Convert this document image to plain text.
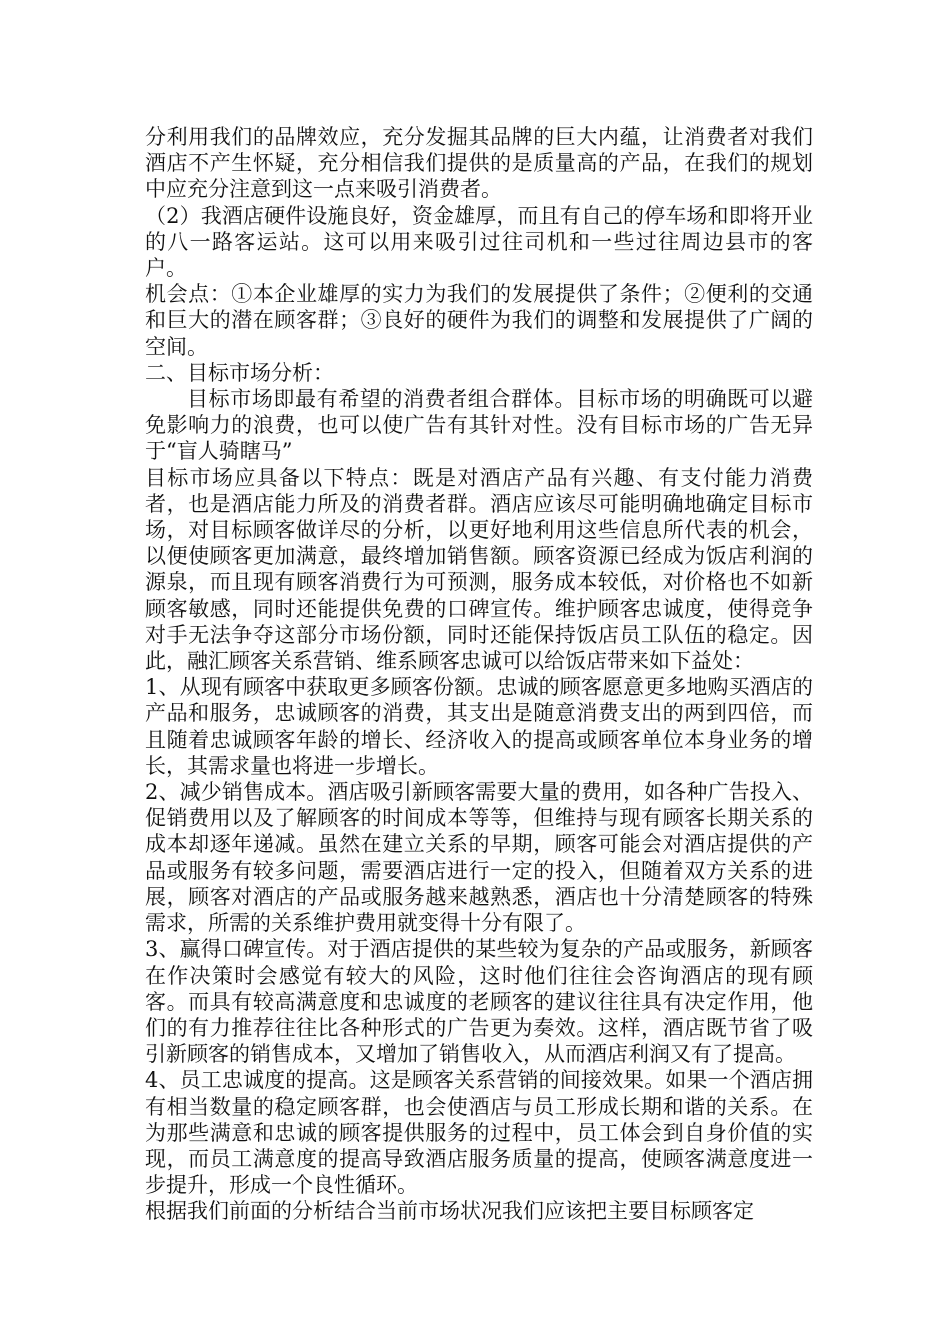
分利用我们的品牌效应，充分发掘其品牌的巨大内蕴，让消费者对我们酒店不产生怀疑，充分相信我们提供的是质量高的产品，在我们的规划中应充分注意到这一点来吸引消费者。

（2）我酒店硬件设施良好，资金雄厚，而且有自己的停车场和即将开业的八一路客运站。这可以用来吸引过往司机和一些过往周边县市的客户。

机会点：①本企业雄厚的实力为我们的发展提供了条件；②便利的交通和巨大的潜在顾客群；③良好的硬件为我们的调整和发展提供了广阔的空间。

二、目标市场分析：

目标市场即最有希望的消费者组合群体。目标市场的明确既可以避免影响力的浪费，也可以使广告有其针对性。没有目标市场的广告无异于“盲人骑瞎马”

目标市场应具备以下特点：既是对酒店产品有兴趣、有支付能力消费者，也是酒店能力所及的消费者群。酒店应该尽可能明确地确定目标市场，对目标顾客做详尽的分析，以更好地利用这些信息所代表的机会，以便使顾客更加满意，最终增加销售额。顾客资源已经成为饭店利润的源泉，而且现有顾客消费行为可预测，服务成本较低，对价格也不如新顾客敏感，同时还能提供免费的口碑宣传。维护顾客忠诚度，使得竞争对手无法争夺这部分市场份额，同时还能保持饭店员工队伍的稳定。因此，融汇顾客关系营销、维系顾客忠诚可以给饭店带来如下益处：

1、从现有顾客中获取更多顾客份额。忠诚的顾客愿意更多地购买酒店的产品和服务，忠诚顾客的消费，其支出是随意消费支出的两到四倍，而且随着忠诚顾客年龄的增长、经济收入的提高或顾客单位本身业务的增长，其需求量也将进一步增长。

2、减少销售成本。酒店吸引新顾客需要大量的费用，如各种广告投入、促销费用以及了解顾客的时间成本等等，但维持与现有顾客长期关系的成本却逐年递减。虽然在建立关系的早期，顾客可能会对酒店提供的产品或服务有较多问题，需要酒店进行一定的投入，但随着双方关系的进展，顾客对酒店的产品或服务越来越熟悉，酒店也十分清楚顾客的特殊需求，所需的关系维护费用就变得十分有限了。

3、赢得口碑宣传。对于酒店提供的某些较为复杂的产品或服务，新顾客在作决策时会感觉有较大的风险，这时他们往往会咨询酒店的现有顾客。而具有较高满意度和忠诚度的老顾客的建议往往具有决定作用，他们的有力推荐往往比各种形式的广告更为奏效。这样，酒店既节省了吸引新顾客的销售成本，又增加了销售收入，从而酒店利润又有了提高。

4、员工忠诚度的提高。这是顾客关系营销的间接效果。如果一个酒店拥有相当数量的稳定顾客群，也会使酒店与员工形成长期和谐的关系。在为那些满意和忠诚的顾客提供服务的过程中，员工体会到自身价值的实现，而员工满意度的提高导致酒店服务质量的提高，使顾客满意度进一步提升，形成一个良性循环。

根据我们前面的分析结合当前市场状况我们应该把主要目标顾客定
